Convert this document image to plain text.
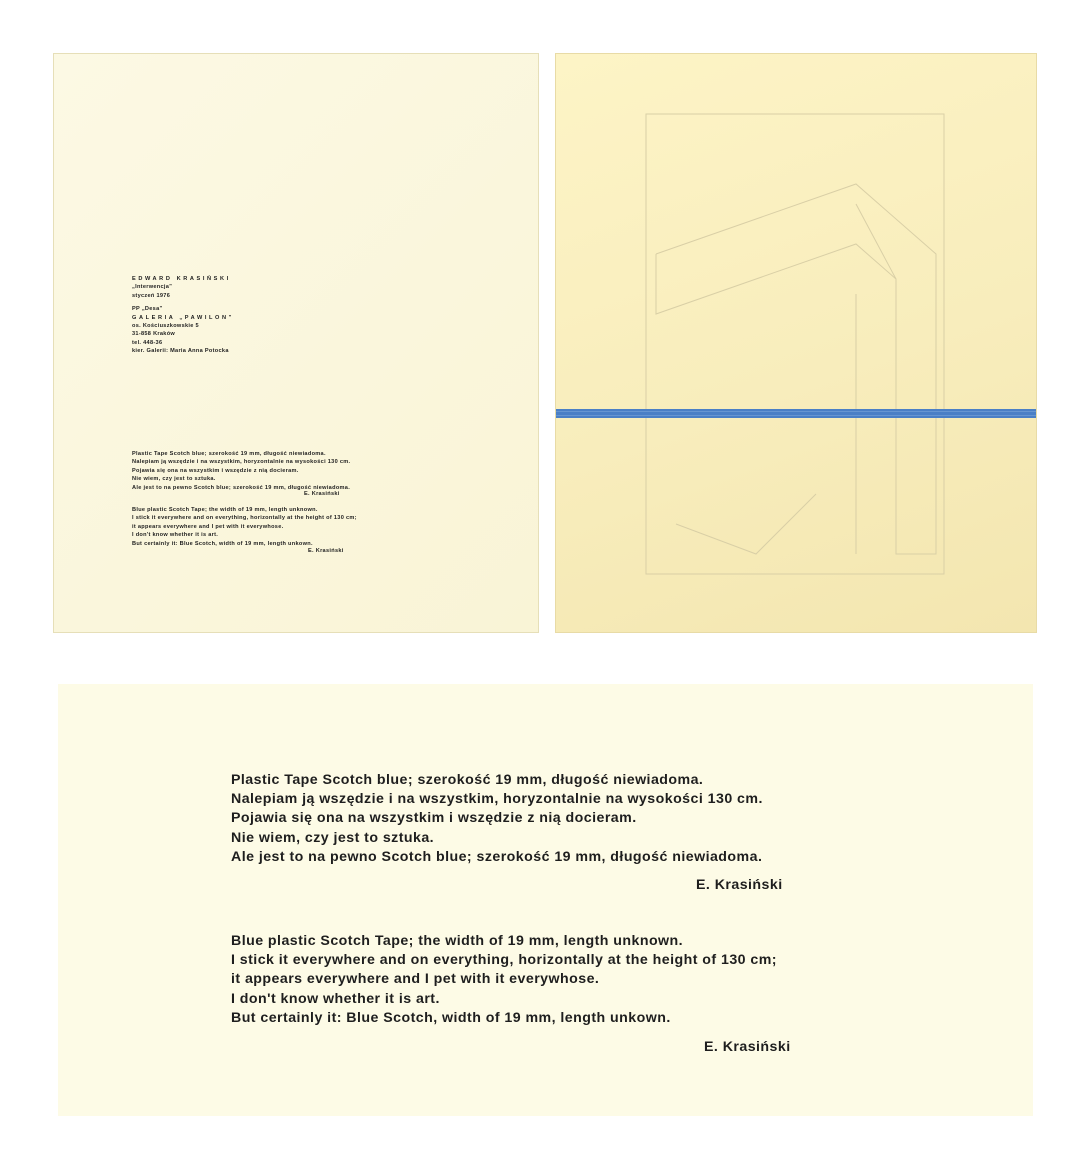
EDWARD KRASIŃSKI
„Interwencja”
styczeń 1976
PP „Desa”
GALERIA „PAWILON”
os. Kościuszkowskie 5
31-858 Kraków
tel. 448-36
kier. Galerii: Maria Anna Potocka
Plastic Tape Scotch blue; szerokość 19 mm, długość niewiadoma.
Nalepiam ją wszędzie i na wszystkim, horyzontalnie na wysokości 130 cm.
Pojawia się ona na wszystkim i wszędzie z nią docieram.
Nie wiem, czy jest to sztuka.
Ale jest to na pewno Scotch blue; szerokość 19 mm, długość niewiadoma.
E. Krasiński
Blue plastic Scotch Tape; the width of 19 mm, length unknown.
I stick it everywhere and on everything, horizontally at the height of 130 cm;
it appears everywhere and I pet with it everywhose.
I don't know whether it is art.
But certainly it: Blue Scotch, width of 19 mm, length unkown.
E. Krasiński
Plastic Tape Scotch blue; szerokość 19 mm, długość niewiadoma.
Nalepiam ją wszędzie i na wszystkim, horyzontalnie na wysokości 130 cm.
Pojawia się ona na wszystkim i wszędzie z nią docieram.
Nie wiem, czy jest to sztuka.
Ale jest to na pewno Scotch blue; szerokość 19 mm, długość niewiadoma.
E. Krasiński
Blue plastic Scotch Tape; the width of 19 mm, length unknown.
I stick it everywhere and on everything, horizontally at the height of 130 cm;
it appears everywhere and I pet with it everywhose.
I don't know whether it is art.
But certainly it: Blue Scotch, width of 19 mm, length unkown.
E. Krasiński
